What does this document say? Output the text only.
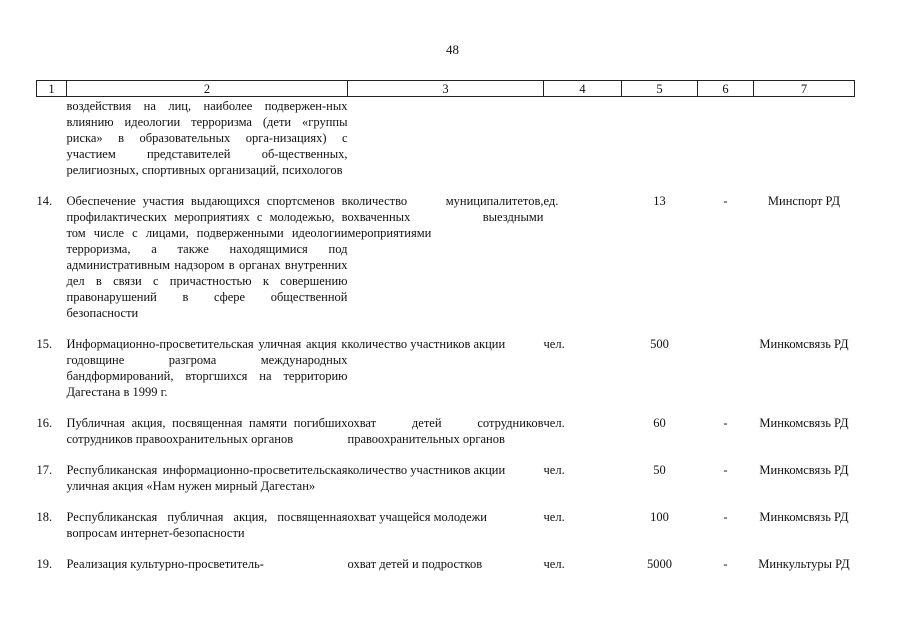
48
1	2	3	4	5	6	7
	воздействия на лиц, наиболее подвержен-ных влиянию идеологии терроризма (дети «группы риска» в образовательных орга-низациях) с участием представителей об-щественных, религиозных, спортивных организаций, психологов					

14.	Обеспечение участия выдающихся спортсменов в профилактических мероприятиях с молодежью, в том числе с лицами, подверженными идеологии терроризма, а также находящимися под административным надзором в органах внутренних дел в связи с причастностью к совершению правонарушений в сфере общественной безопасности	количество муниципалитетов, охваченных выездными мероприятиями	ед.	13	-	Минспорт РД

15.	Информационно-просветительская уличная акция к годовщине разгрома международных бандформирований, вторгшихся на территорию Дагестана в 1999 г.	количество участников акции	чел.	500		Минкомсвязь РД

16.	Публичная акция, посвященная памяти погибших сотрудников правоохранительных органов	охват детей сотрудников правоохранительных органов	чел.	60	-	Минкомсвязь РД

17.	Республиканская информационно-просветительская уличная акция «Нам нужен мирный Дагестан»	количество участников акции	чел.	50	-	Минкомсвязь РД

18.	Республиканская публичная акция, посвященная вопросам интернет-безопасности	охват учащейся молодежи	чел.	100	-	Минкомсвязь РД

19.	Реализация культурно-просветитель-	охват детей и подростков	чел.	5000	-	Минкультуры РД
